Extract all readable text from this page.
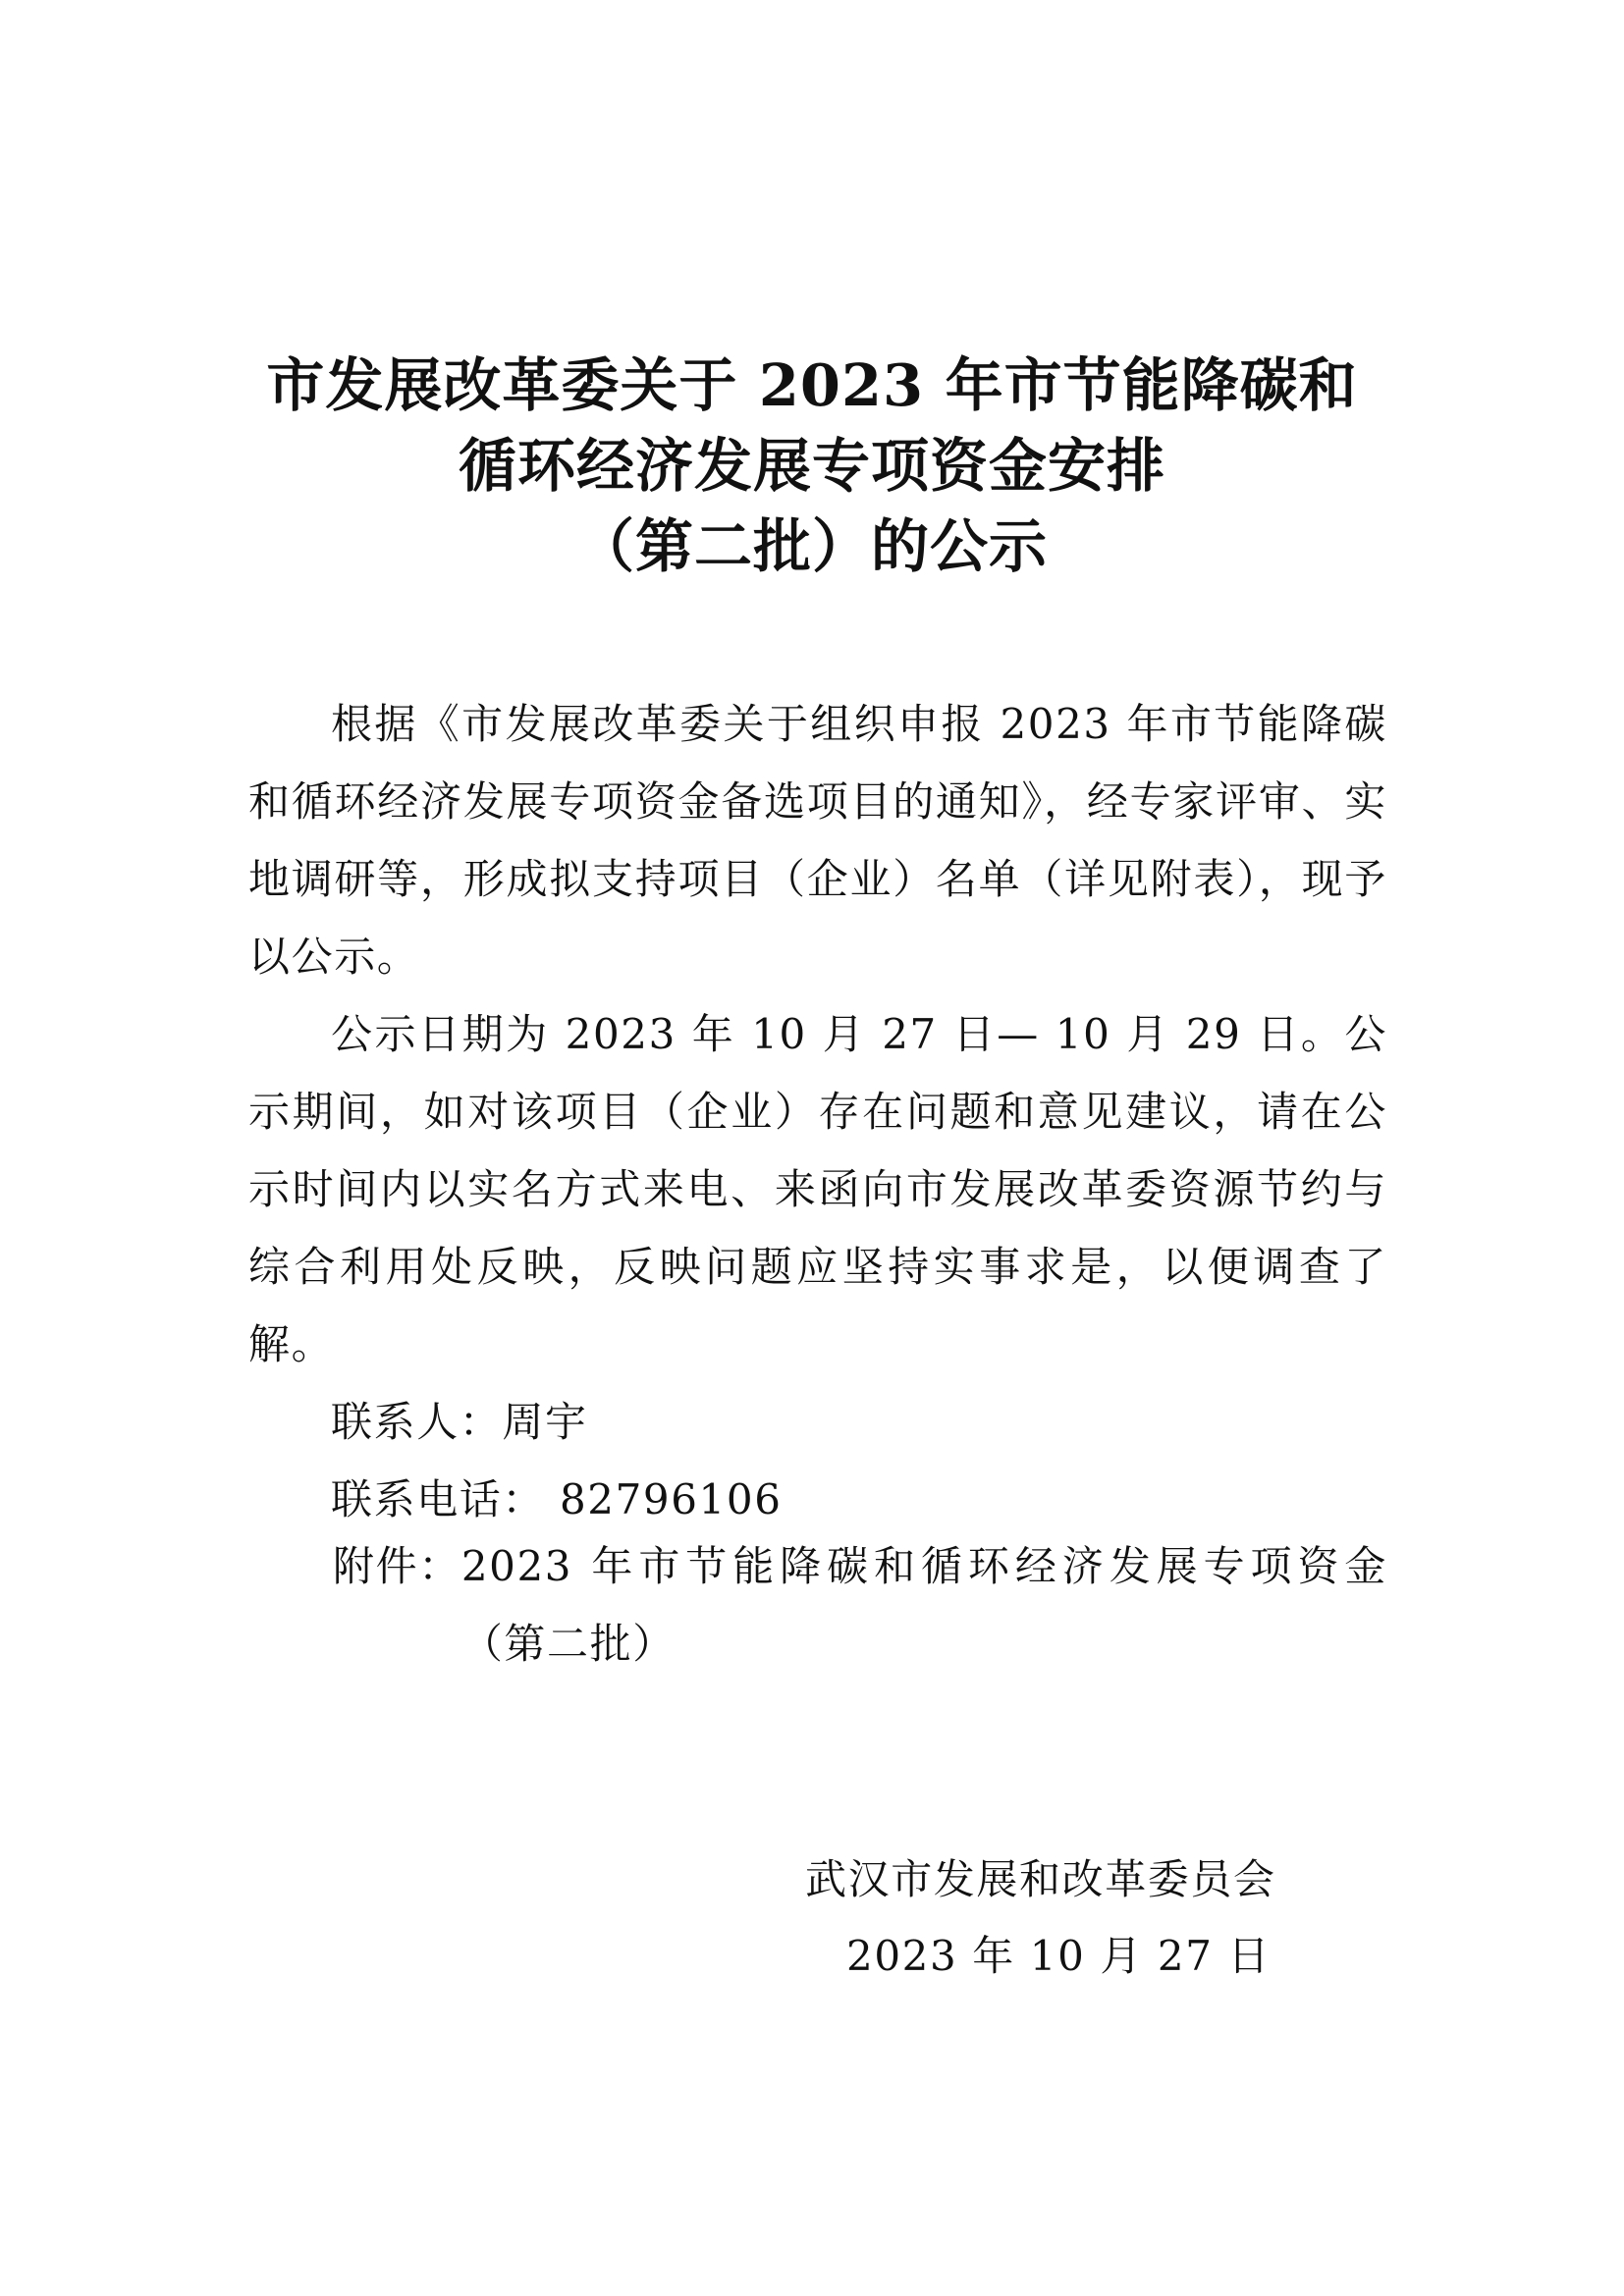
市发展改革委关于 2023 年市节能降碳和
循环经济发展专项资金安排
（第二批）的公示

根据《市发展改革委关于组织申报 2023 年市节能降碳和循环经济发展专项资金备选项目的通知》，经专家评审、实地调研等，形成拟支持项目（企业）名单（详见附表），现予以公示。

公示日期为 2023 年 10 月 27 日— 10 月 29 日。公示期间，如对该项目（企业）存在问题和意见建议，请在公示时间内以实名方式来电、来函向市发展改革委资源节约与综合利用处反映，反映问题应坚持实事求是，以便调查了解。

联系人：周宇

联系电话： 82796106

附件： 2023 年市节能降碳和循环经济发展专项资金（第二批）
武汉市发展和改革委员会
2023 年 10 月 27 日
